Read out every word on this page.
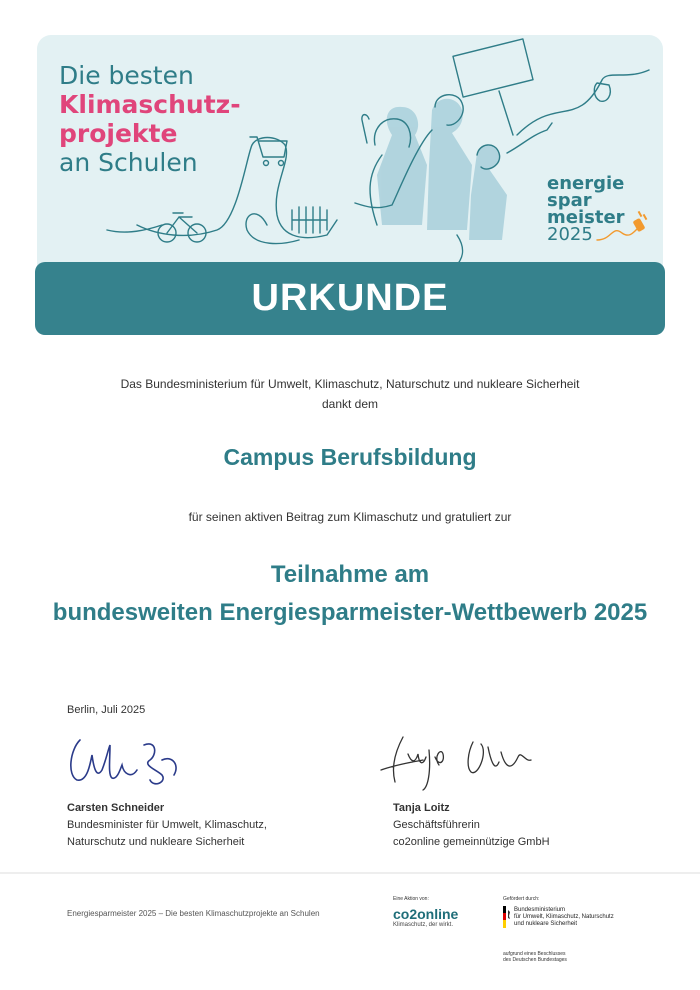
Die besten
Klimaschutz-
projekte
an Schulen
energie
spar
meister
2025
URKUNDE
Das Bundesministerium für Umwelt, Klimaschutz, Naturschutz und nukleare Sicherheit
dankt dem
Campus Berufsbildung
für seinen aktiven Beitrag zum Klimaschutz und gratuliert zur
Teilnahme am
bundesweiten Energiesparmeister-Wettbewerb 2025
Berlin, Juli 2025
Carsten Schneider
Bundesminister für Umwelt, Klimaschutz,
Naturschutz und nukleare Sicherheit
Tanja Loitz
Geschäftsführerin
co2online gemeinnützige GmbH
Energiesparmeister 2025 – Die besten Klimaschutzprojekte an Schulen
Eine Aktion von:
co2online
Klimaschutz, der wirkt.
Gefördert durch:
Bundesministerium
für Umwelt, Klimaschutz, Naturschutz
und nukleare Sicherheit
aufgrund eines Beschlusses
des Deutschen Bundestages
